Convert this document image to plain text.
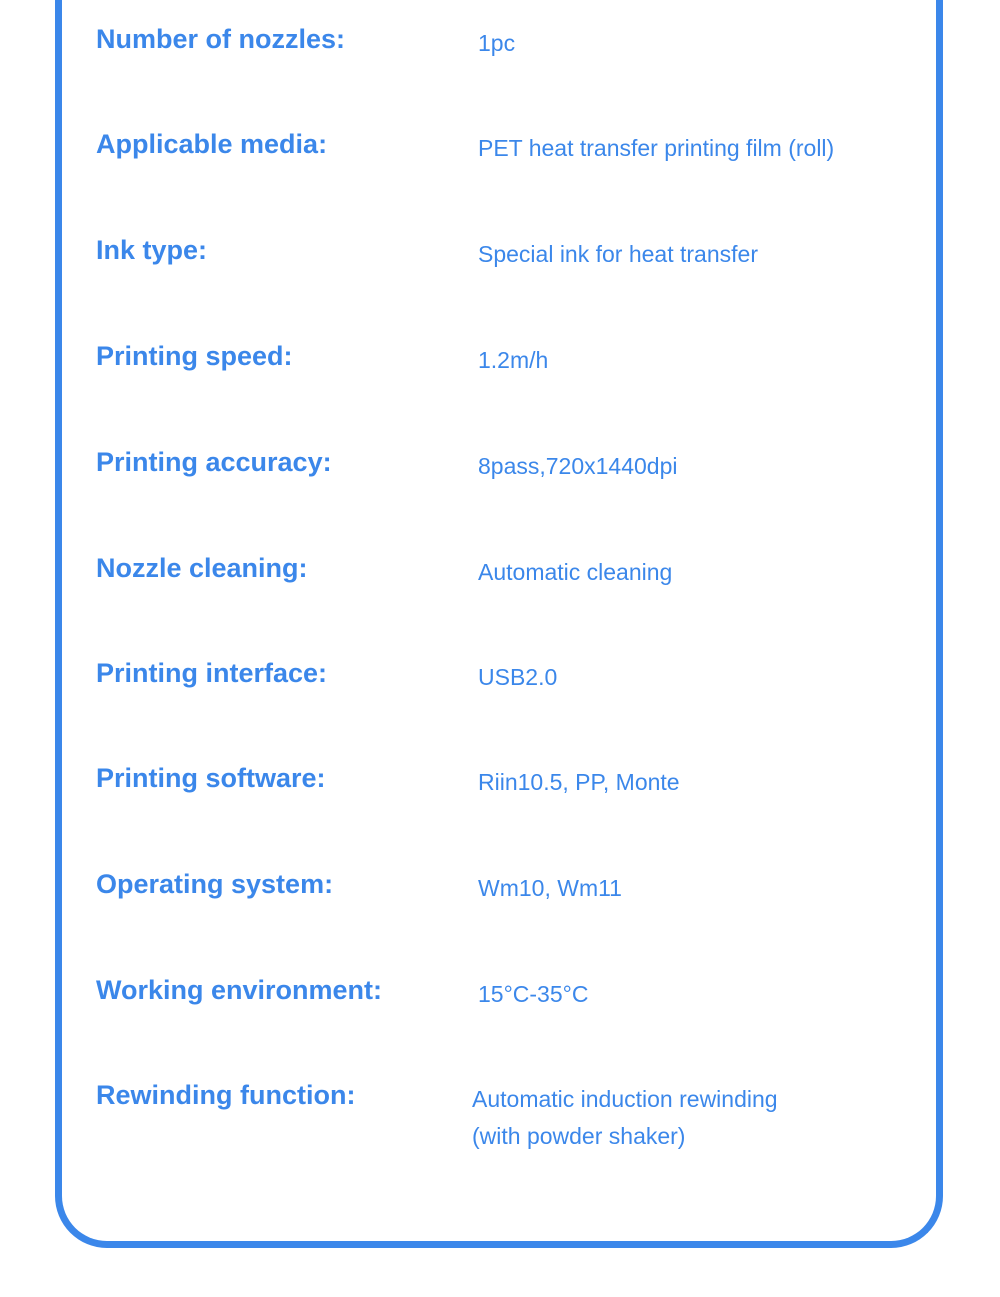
Number of nozzles:	1pc
Applicable media:	PET heat transfer printing film (roll)
Ink type:	Special ink for heat transfer
Printing speed:	1.2m/h
Printing accuracy:	8pass,720x1440dpi
Nozzle cleaning:	Automatic cleaning
Printing interface:	USB2.0
Printing software:	Riin10.5, PP, Monte
Operating system:	Wm10, Wm11
Working environment:	15°C-35°C
Rewinding function:	Automatic induction rewinding
(with powder shaker)
